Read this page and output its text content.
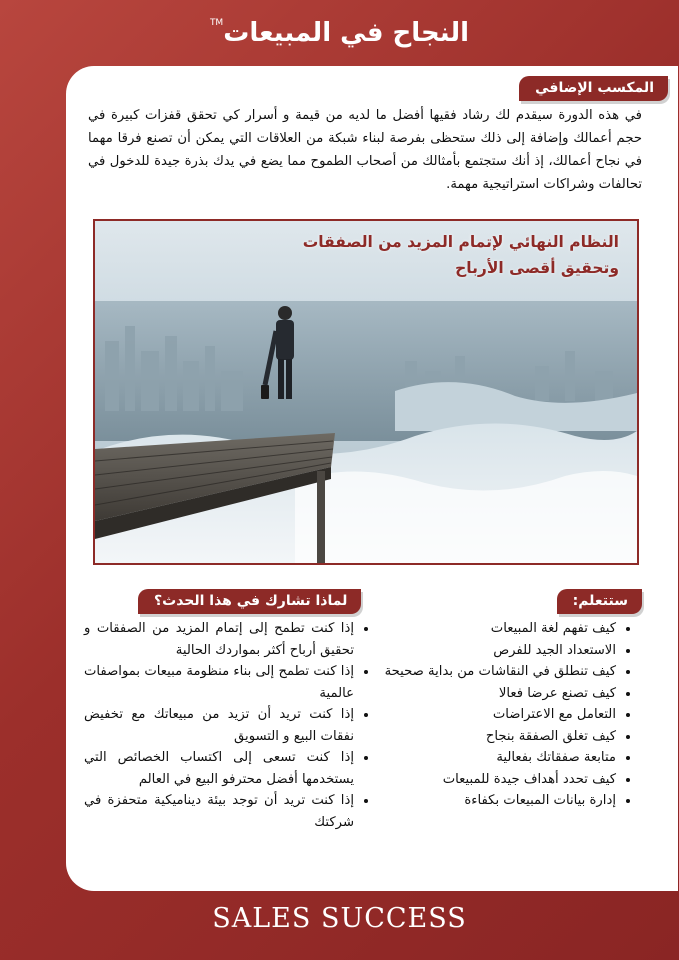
النجاح في المبيعات™
المكسب الإضافي
في هذه الدورة سيقدم لك رشاد فقيها أفضل ما لديه من قيمة و أسرار كي تحقق قفزات كبيرة في حجم أعمالك وإضافة إلى ذلك ستحظى بفرصة لبناء شبكة من العلاقات التي يمكن أن تصنع فرقا مهما في نجاح أعمالك، إذ أنك ستجتمع بأمثالك من أصحاب الطموح مما يضع في يدك بذرة جيدة للدخول في تحالفات وشراكات استراتيجية مهمة.
النظام النهائي لإتمام المزيد من الصفقات
وتحقيق أقصى الأرباح
لماذا تشارك في هذا الحدث؟	ستتعلم:
• إذا كنت تطمح إلى إتمام المزيد من الصفقات و تحقيق أرباح أكثر بمواردك الحالية
• إذا كنت تطمح إلى بناء منظومة مبيعات بمواصفات عالمية
• إذا كنت تريد أن تزيد من مبيعاتك مع تخفيض نفقات البيع و التسويق
• إذا كنت تسعى إلى اكتساب الخصائص التي يستخدمها أفضل محترفو البيع في العالم
• إذا كنت تريد أن توجد بيئة ديناميكية متحفزة في شركتك
• كيف تفهم لغة المبيعات
• الاستعداد الجيد للفرص
• كيف تنطلق في النقاشات من بداية صحيحة
• كيف تصنع عرضا فعالا
• التعامل مع الاعتراضات
• كيف تغلق الصفقة بنجاح
• متابعة صفقاتك بفعالية
• كيف تحدد أهداف جيدة للمبيعات
• إدارة بيانات المبيعات بكفاءة
SALES SUCCESS
